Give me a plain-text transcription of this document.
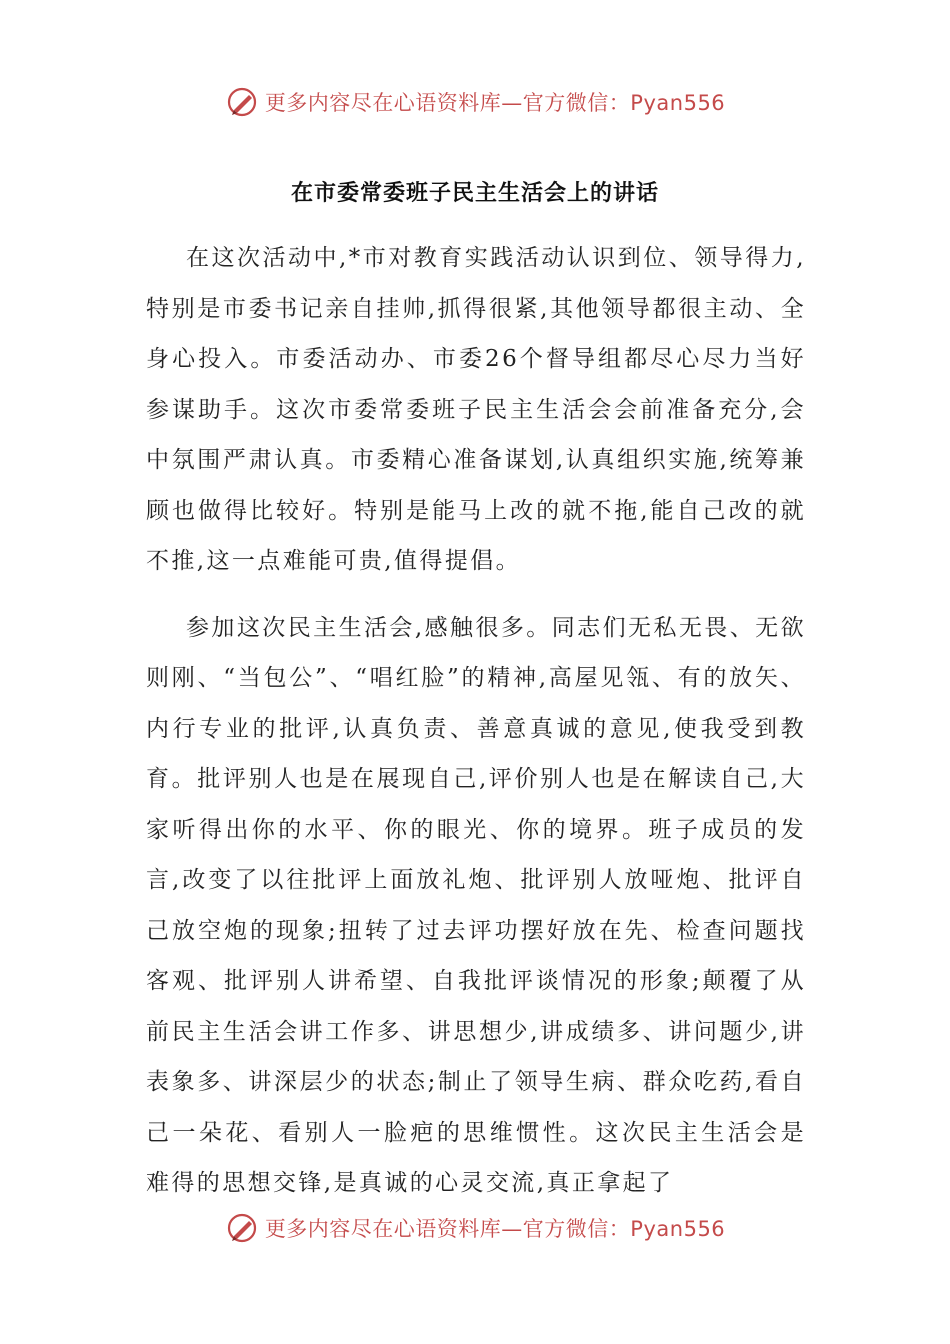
更多内容尽在心语资料库—官方微信：Pyan556
在市委常委班子民主生活会上的讲话

在这次活动中,*市对教育实践活动认识到位、领导得力,特别是市委书记亲自挂帅,抓得很紧,其他领导都很主动、全身心投入。市委活动办、市委26个督导组都尽心尽力当好参谋助手。这次市委常委班子民主生活会会前准备充分,会中氛围严肃认真。市委精心准备谋划,认真组织实施,统筹兼顾也做得比较好。特别是能马上改的就不拖,能自己改的就不推,这一点难能可贵,值得提倡。

参加这次民主生活会,感触很多。同志们无私无畏、无欲则刚、“当包公”、“唱红脸”的精神,高屋见瓴、有的放矢、内行专业的批评,认真负责、善意真诚的意见,使我受到教育。批评别人也是在展现自己,评价别人也是在解读自己,大家听得出你的水平、你的眼光、你的境界。班子成员的发言,改变了以往批评上面放礼炮、批评别人放哑炮、批评自己放空炮的现象;扭转了过去评功摆好放在先、检查问题找客观、批评别人讲希望、自我批评谈情况的形象;颠覆了从前民主生活会讲工作多、讲思想少,讲成绩多、讲问题少,讲表象多、讲深层少的状态;制止了领导生病、群众吃药,看自己一朵花、看别人一脸疤的思维惯性。这次民主生活会是难得的思想交锋,是真诚的心灵交流,真正拿起了

更多内容尽在心语资料库—官方微信：Pyan556
